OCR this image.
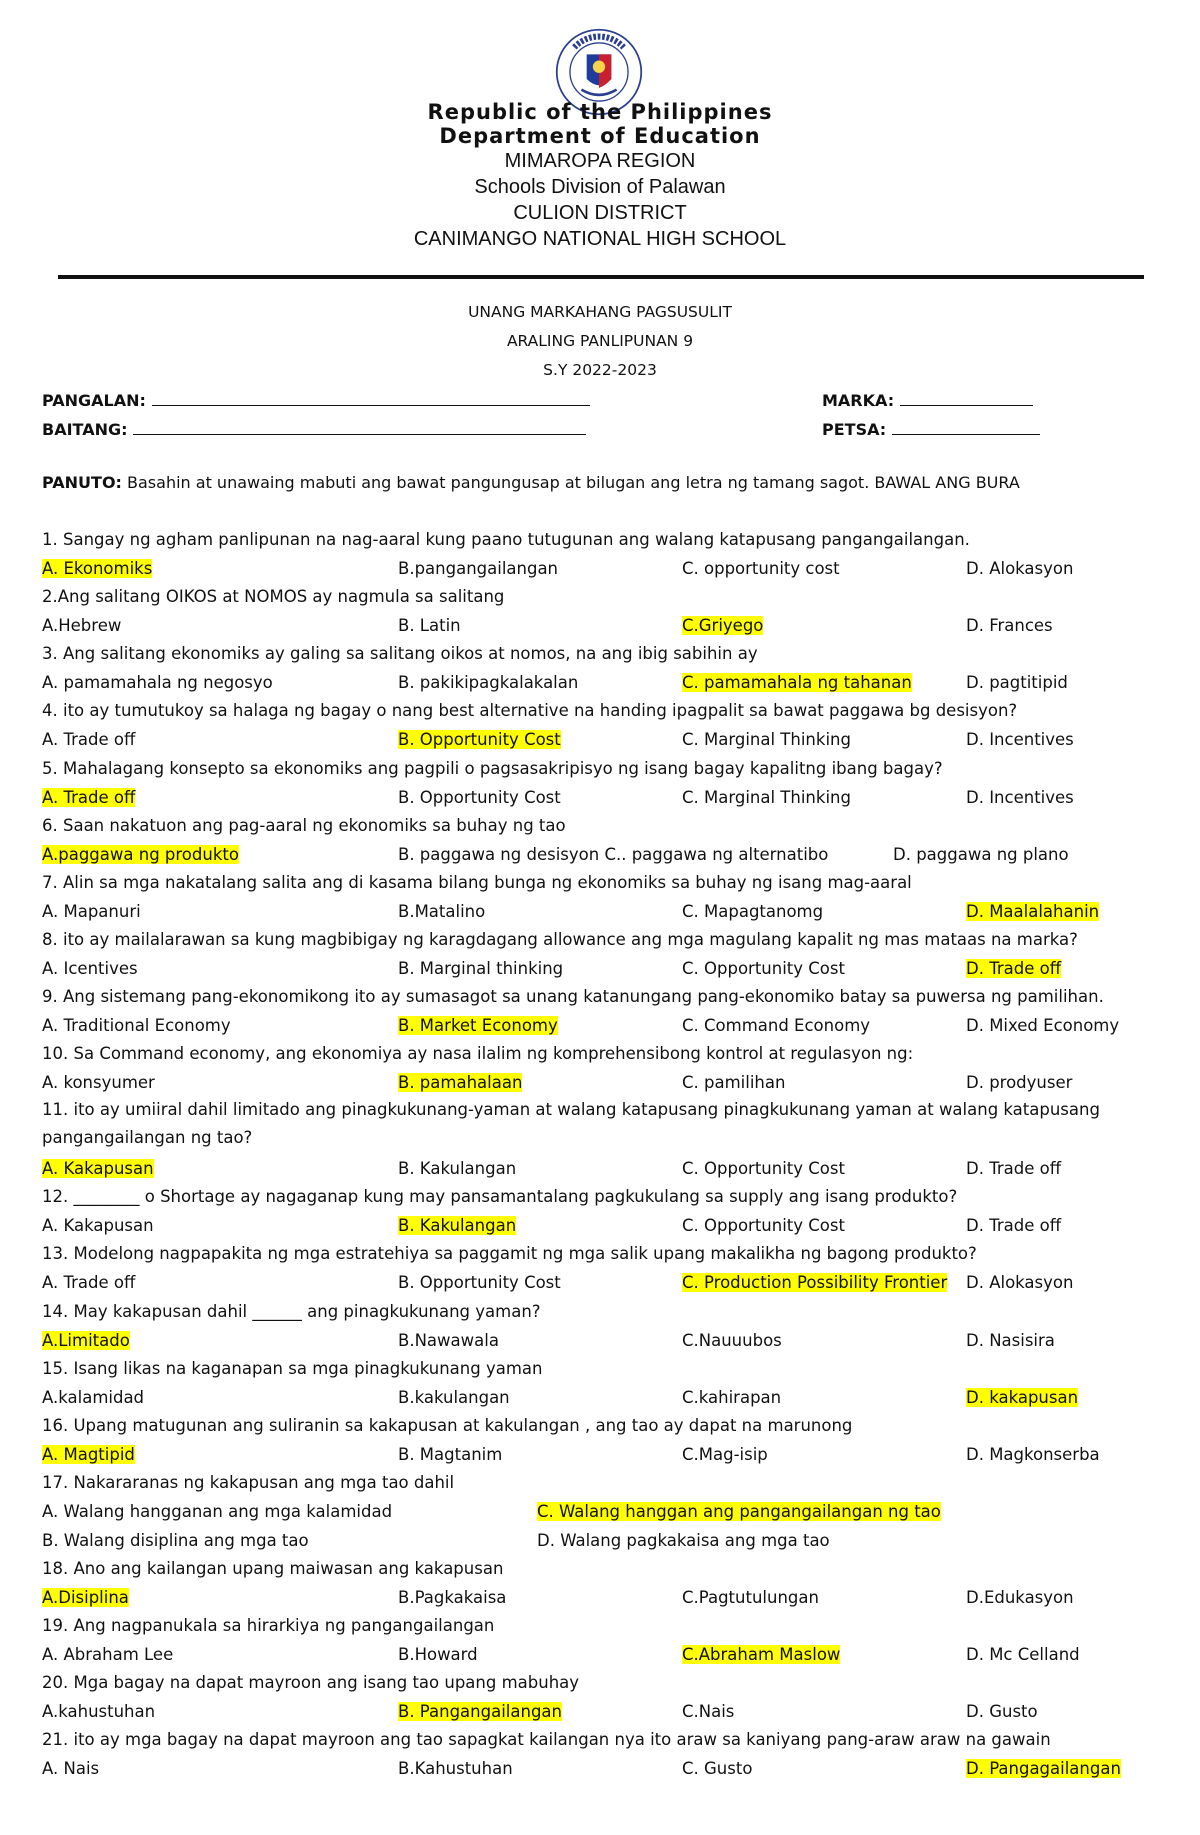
Republic of the Philippines
Department of Education
MIMAROPA REGION
Schools Division of Palawan
CULION DISTRICT
CANIMANGO NATIONAL HIGH SCHOOL
UNANG MARKAHANG PAGSUSULIT
ARALING PANLIPUNAN 9
S.Y 2022-2023
PANGALAN:	MARKA:
BAITANG:	PETSA:
PANUTO: Basahin at unawaing mabuti ang bawat pangungusap at bilugan ang letra ng tamang sagot. BAWAL ANG BURA
1. Sangay ng agham panlipunan na nag-aaral kung paano tutugunan ang walang katapusang pangangailangan.
A. Ekonomiks	B.pangangailangan	C. opportunity cost	D. Alokasyon
2.Ang salitang OIKOS at NOMOS ay nagmula sa salitang
A.Hebrew	B. Latin	C.Griyego	D. Frances
3. Ang salitang ekonomiks ay galing sa salitang oikos at nomos, na ang ibig sabihin ay
A. pamamahala ng negosyo	B. pakikipagkalakalan	C. pamamahala ng tahanan	D. pagtitipid
4. ito ay tumutukoy sa halaga ng bagay o nang best alternative na handing ipagpalit sa bawat paggawa bg desisyon?
A. Trade off	B. Opportunity Cost	C. Marginal Thinking	D. Incentives
5. Mahalagang konsepto sa ekonomiks ang pagpili o pagsasakripisyo ng isang bagay kapalitng ibang bagay?
A. Trade off	B. Opportunity Cost	C. Marginal Thinking	D. Incentives
6. Saan nakatuon ang pag-aaral ng ekonomiks sa buhay ng tao
A.paggawa ng produkto	B. paggawa ng desisyon C.. paggawa ng alternatibo	D. paggawa ng plano
7. Alin sa mga nakatalang salita ang di kasama bilang bunga ng ekonomiks sa buhay ng isang mag-aaral
A. Mapanuri	B.Matalino	C. Mapagtanomg	D. Maalalahanin
8. ito ay mailalarawan sa kung magbibigay ng karagdagang allowance ang mga magulang kapalit ng mas mataas na marka?
A. Icentives	B. Marginal thinking	C. Opportunity Cost	D. Trade off
9. Ang sistemang pang-ekonomikong ito ay sumasagot sa unang katanungang pang-ekonomiko batay sa puwersa ng pamilihan.
A. Traditional Economy	B. Market Economy	C. Command Economy	D. Mixed Economy
10. Sa Command economy, ang ekonomiya ay nasa ilalim ng komprehensibong kontrol at regulasyon ng:
A. konsyumer	B. pamahalaan	C. pamilihan	D. prodyuser
11. ito ay umiiral dahil limitado ang pinagkukunang-yaman at walang katapusang pinagkukunang yaman at walang katapusang pangangailangan ng tao?
A. Kakapusan	B. Kakulangan	C. Opportunity Cost	D. Trade off
12. ________ o Shortage ay nagaganap kung may pansamantalang pagkukulang sa supply ang isang produkto?
A. Kakapusan	B. Kakulangan	C. Opportunity Cost	D. Trade off
13. Modelong nagpapakita ng mga estratehiya sa paggamit ng mga salik upang makalikha ng bagong produkto?
A. Trade off	B. Opportunity Cost	C. Production Possibility Frontier D. Alokasyon
14. May kakapusan dahil ______ ang pinagkukunang yaman?
A.Limitado	B.Nawawala	C.Nauuubos	D. Nasisira
15. Isang likas na kaganapan sa mga pinagkukunang yaman
A.kalamidad	B.kakulangan	C.kahirapan	D. kakapusan
16. Upang matugunan ang suliranin sa kakapusan at kakulangan , ang tao ay dapat na marunong
A. Magtipid	B. Magtanim	C.Mag-isip	D. Magkonserba
17. Nakararanas ng kakapusan ang mga tao dahil
A. Walang hangganan ang mga kalamidad	C. Walang hanggan ang pangangailangan ng tao
B. Walang disiplina ang mga tao	D. Walang pagkakaisa ang mga tao
18. Ano ang kailangan upang maiwasan ang kakapusan
A.Disiplina	B.Pagkakaisa	C.Pagtutulungan	D.Edukasyon
19. Ang nagpanukala sa hirarkiya ng pangangailangan
A. Abraham Lee	B.Howard	C.Abraham Maslow	D. Mc Celland
20. Mga bagay na dapat mayroon ang isang tao upang mabuhay
A.kahustuhan	B. Pangangailangan	C.Nais	D. Gusto
21. ito ay mga bagay na dapat mayroon ang tao sapagkat kailangan nya ito araw sa kaniyang pang-araw araw na gawain
A. Nais	B.Kahustuhan	C. Gusto	D. Pangagailangan
